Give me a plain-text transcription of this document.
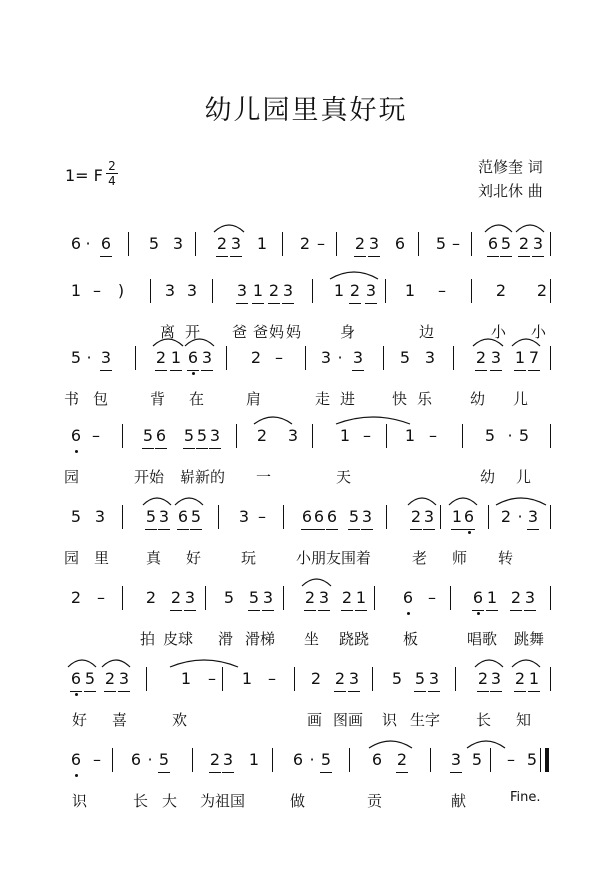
幼儿园里真好玩
1= F 2
4
范修奎 词
刘北休 曲
6 · 6 5 3 2 3 1 2 – 2 3 6 5 – 6 5 2 3
1 – )	3 3 3 1 2 3	1 2 3 1 –	2 2
离 开 爸 爸 妈 妈	身	边	小 小
5 · 3	2 1 6 3 2 – 3 · 3 5 3	2 3 1 7
书 包	背 在	肩	走 进 快 乐	幼 儿
6 –	5 6 5 5 3 2 3	1 – 1 –	5 · 5
园	开始 崭新的 一	天	幼 儿
5 3	5 3 6 5 3 – 6 6 6 5 3 2 3 1 6 2 · 3
园 里 真 好	玩	小朋友围着	老 师 转
2 –	2 2 3 5 5 3 2 3 2 1 6 – 6 1 2 3
拍 皮球 滑 滑梯 坐 跷跷 板	唱歌 跳舞
6 5 2 3	1 – 1 – 2 2 3 5 5 3 2 3 2 1
好 喜	欢	画 图画 识 生字 长 知
6 – 6 · 5	2 3 1 6 · 5	6 2	3 5 – 5
识	长 大 为祖国	做	贡	献	Fine.
